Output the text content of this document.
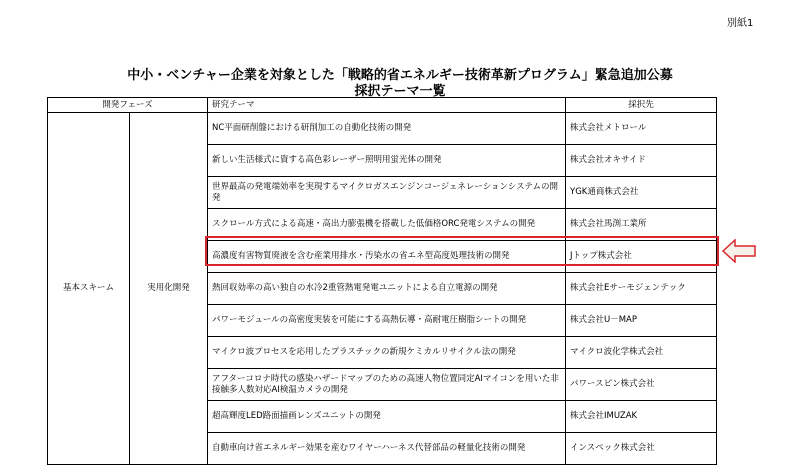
別紙1
中小・ベンチャー企業を対象とした「戦略的省エネルギー技術革新プログラム」緊急追加公募
採択テーマ一覧
開発フェーズ		研究テーマ	採択先
基本スキーム	実用化開発	NC平面研削盤における研削加工の自動化技術の開発	株式会社メトロール
		新しい生活様式に資する高色彩レーザー照明用蛍光体の開発	株式会社オキサイド
		世界最高の発電端効率を実現するマイクロガスエンジンコージェネレーションシステムの開発	YGK通商株式会社
		スクロール方式による高速・高出力膨張機を搭載した低価格ORC発電システムの開発	株式会社馬渕工業所
		高濃度有害物質廃液を含む産業用排水・汚染水の省エネ型高度処理技術の開発	Jトップ株式会社
		熱回収効率の高い独自の水冷2重管熱電発電ユニットによる自立電源の開発	株式会社Eサーモジェンテック
		パワーモジュールの高密度実装を可能にする高熱伝導・高耐電圧樹脂シートの開発	株式会社U－MAP
		マイクロ波プロセスを応用したプラスチックの新規ケミカルリサイクル法の開発	マイクロ波化学株式会社
		アフターコロナ時代の感染ハザードマップのための高速人物位置同定AIマイコンを用いた非接触多人数対応AI検温カメラの開発	パワースピン株式会社
		超高輝度LED路面描画レンズユニットの開発	株式会社IMUZAK
		自動車向け省エネルギー効果を産むワイヤーハーネス代替部品の軽量化技術の開発	インスペック株式会社
